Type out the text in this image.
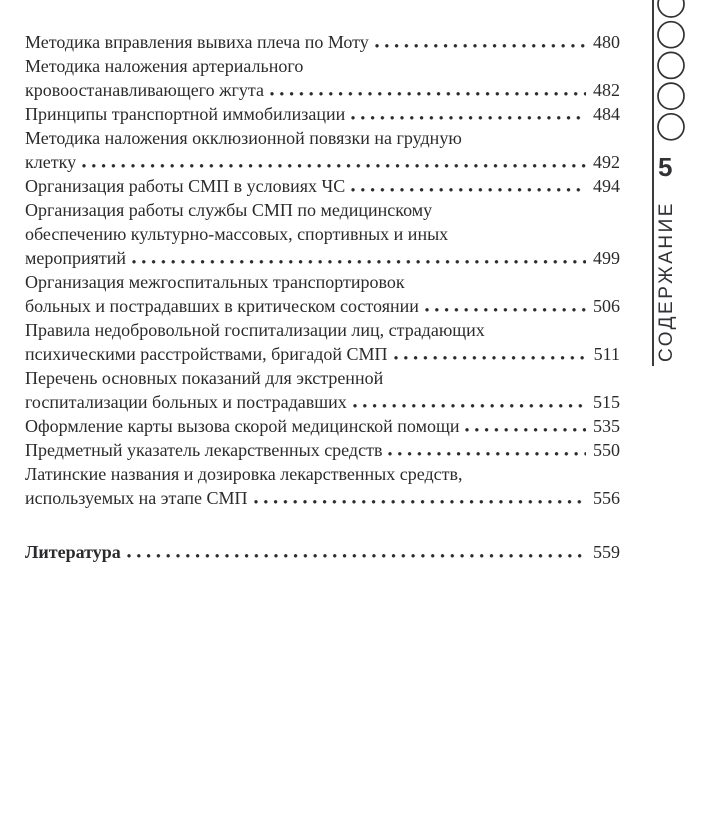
Методика вправления вывиха плеча по Моту	480
Методика наложения артериального
кровоостанавливающего жгута	482
Принципы транспортной иммобилизации	484
Методика наложения окклюзионной повязки на грудную
клетку	492
Организация работы СМП в условиях ЧС	494
Организация работы службы СМП по медицинскому
обеспечению культурно-массовых, спортивных и иных
мероприятий	499
Организация межгоспитальных транспортировок
больных и пострадавших в критическом состоянии	506
Правила недобровольной госпитализации лиц, страдающих
психическими расстройствами, бригадой СМП	511
Перечень основных показаний для экстренной
госпитализации больных и пострадавших	515
Оформление карты вызова скорой медицинской помощи	535
Предметный указатель лекарственных средств	550
Латинские названия и дозировка лекарственных средств,
используемых на этапе СМП	556
Литература	559
5
СОДЕРЖАНИЕ
